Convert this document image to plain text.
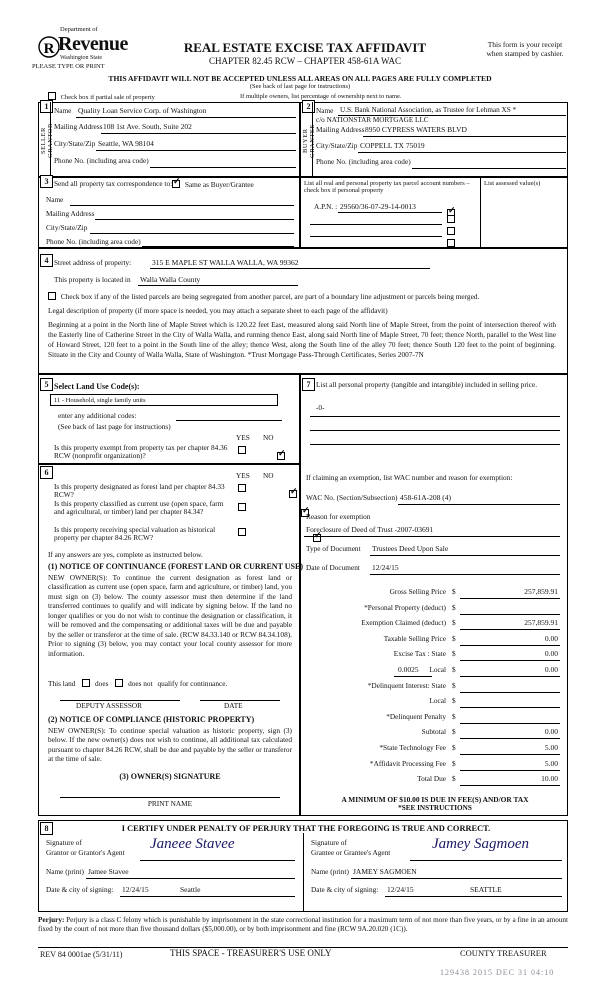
Department of
R Revenue
Washington State
REAL ESTATE EXCISE TAX AFFIDAVIT
CHAPTER 82.45 RCW – CHAPTER 458-61A WAC
This form is your receipt
when stamped by cashier.
PLEASE TYPE OR PRINT
THIS AFFIDAVIT WILL NOT BE ACCEPTED UNLESS ALL AREAS ON ALL PAGES ARE FULLY COMPLETED
(See back of last page for instructions)
Check box if partial sale of property	If multiple owners, list percentage of ownership next to name.
1
SELLER GRANTOR
Name Quality Loan Service Corp. of Washington
Mailing Address 108 1st Ave. South, Suite 202
City/State/Zip Seattle, WA 98104
Phone No. (including area code)
2
BUYER GRANTEE
Name U.S. Bank National Association, as Trustee for Lehman XS *
c/o NATIONSTAR MORTGAGE LLC
Mailing Address 8950 CYPRESS WATERS BLVD
City/State/Zip COPPELL TX 75019
Phone No. (including area code)
3 Send all property tax correspondence to: ✓	Same as Buyer/Grantee
Name
Mailing Address
City/State/Zip
Phone No. (including area code)
List all real and personal property tax parcel account numbers – check box if personal property
List assessed value(s)
A.P.N. : 29560/36-07-29-14-0013
✓
4 Street address of property:	315 E MAPLE ST WALLA WALLA, WA 99362
This property is located in Walla Walla County
Check box if any of the listed parcels are being segregated from another parcel, are part of a boundary line adjustment or parcels being merged.
Legal description of property (if more space is needed, you may attach a separate sheet to each page of the affidavit)
Beginning at a point in the North line of Maple Street which is 120.22 feet East, measured along said North line of Maple Street, from the point of intersection thereof with the Easterly line of Catherine Street in the City of Walla Walla, and running thence East, along said North line of Maple Street, 70 feet; thence North, parallel to the West line of Howard Street, 120 feet to a point in the South line of the alley; thence West, along the South line of the alley 70 feet; thence South 120 feet to the point of beginning. Situate in the City and County of Walla Walla, State of Washington. *Trust Mortgage Pass-Through Certificates, Series 2007-7N
5 Select Land Use Code(s):
11 - Household, single family units
enter any additional codes:
(See back of last page for instructions)
YES NO
Is this property exempt from property tax per chapter 84.36 RCW (nonprofit organization)?
✓
6	YES NO
Is this property designated as forest land per chapter 84.33 RCW?
✓
Is this property classified as current use (open space, farm and agricultural, or timber) land per chapter 84.34?
✓
Is this property receiving special valuation as historical property per chapter 84.26 RCW?
✓
If any answers are yes, complete as instructed below.
(1) NOTICE OF CONTINUANCE (FOREST LAND OR CURRENT USE)
NEW OWNER(S): To continue the current designation as forest land or classification as current use (open space, farm and agriculture, or timber) land, you must sign on (3) below. The county assessor must then determine if the land transferred continues to qualify and will indicate by signing below. If the land no longer qualifies or you do not wish to continue the designation or classification, it will be removed and the compensating or additional taxes will be due and payable by the seller or transferor at the time of sale. (RCW 84.33.140 or RCW 84.34.108). Prior to signing (3) below, you may contact your local county assessor for more information.
This land	does	does not qualify for continuance.
DEPUTY ASSESSOR	DATE
(2) NOTICE OF COMPLIANCE (HISTORIC PROPERTY)
NEW OWNER(S): To continue special valuation as historic property, sign (3) below. If the new owner(s) does not wish to continue, all additional tax calculated pursuant to chapter 84.26 RCW, shall be due and payable by the seller or transferor at the time of sale.
(3) OWNER(S) SIGNATURE
PRINT NAME
7 List all personal property (tangible and intangible) included in selling price.
-0-
If claiming an exemption, list WAC number and reason for exemption:
WAC No. (Section/Subsection) 458-61A-208 (4)
Reason for exemption
Foreclosure of Deed of Trust -2007-03691
Type of Document Trustees Deed Upon Sale
Date of Document 12/24/15
Gross Selling Price $	257,859.91
*Personal Property (deduct) $
Exemption Claimed (deduct) $	257,859.91
Taxable Selling Price $	0.00
Excise Tax : State $	0.00
Local $	0.00
0.0025
*Delinquent Interest: State $
Local $
*Delinquent Penalty $
Subtotal $	0.00
*State Technology Fee $	5.00
*Affidavit Processing Fee $	5.00
Total Due $	10.00
A MINIMUM OF $10.00 IS DUE IN FEE(S) AND/OR TAX
*SEE INSTRUCTIONS
8	I CERTIFY UNDER PENALTY OF PERJURY THAT THE FOREGOING IS TRUE AND CORRECT.
Signature of
Grantor or Grantor's Agent
Janeee Stavee
Name (print) Jamee Stavee
Date & city of signing: 12/24/15	Seattle
Signature of
Grantee or Grantee's Agent
Jamey Sagmoen
Name (print) JAMEY SAGMOEN
Date & city of signing: 12/24/15	SEATTLE
Perjury: Perjury is a class C felony which is punishable by imprisonment in the state correctional institution for a maximum term of not more than five years, or by a fine in an amount fixed by the court of not more than five thousand dollars ($5,000.00), or by both imprisonment and fine (RCW 9A.20.020 (1C)).
REV 84 0001ae (5/31/11)	THIS SPACE - TREASURER'S USE ONLY	COUNTY TREASURER
129438 2015 DEC 31 04:10
